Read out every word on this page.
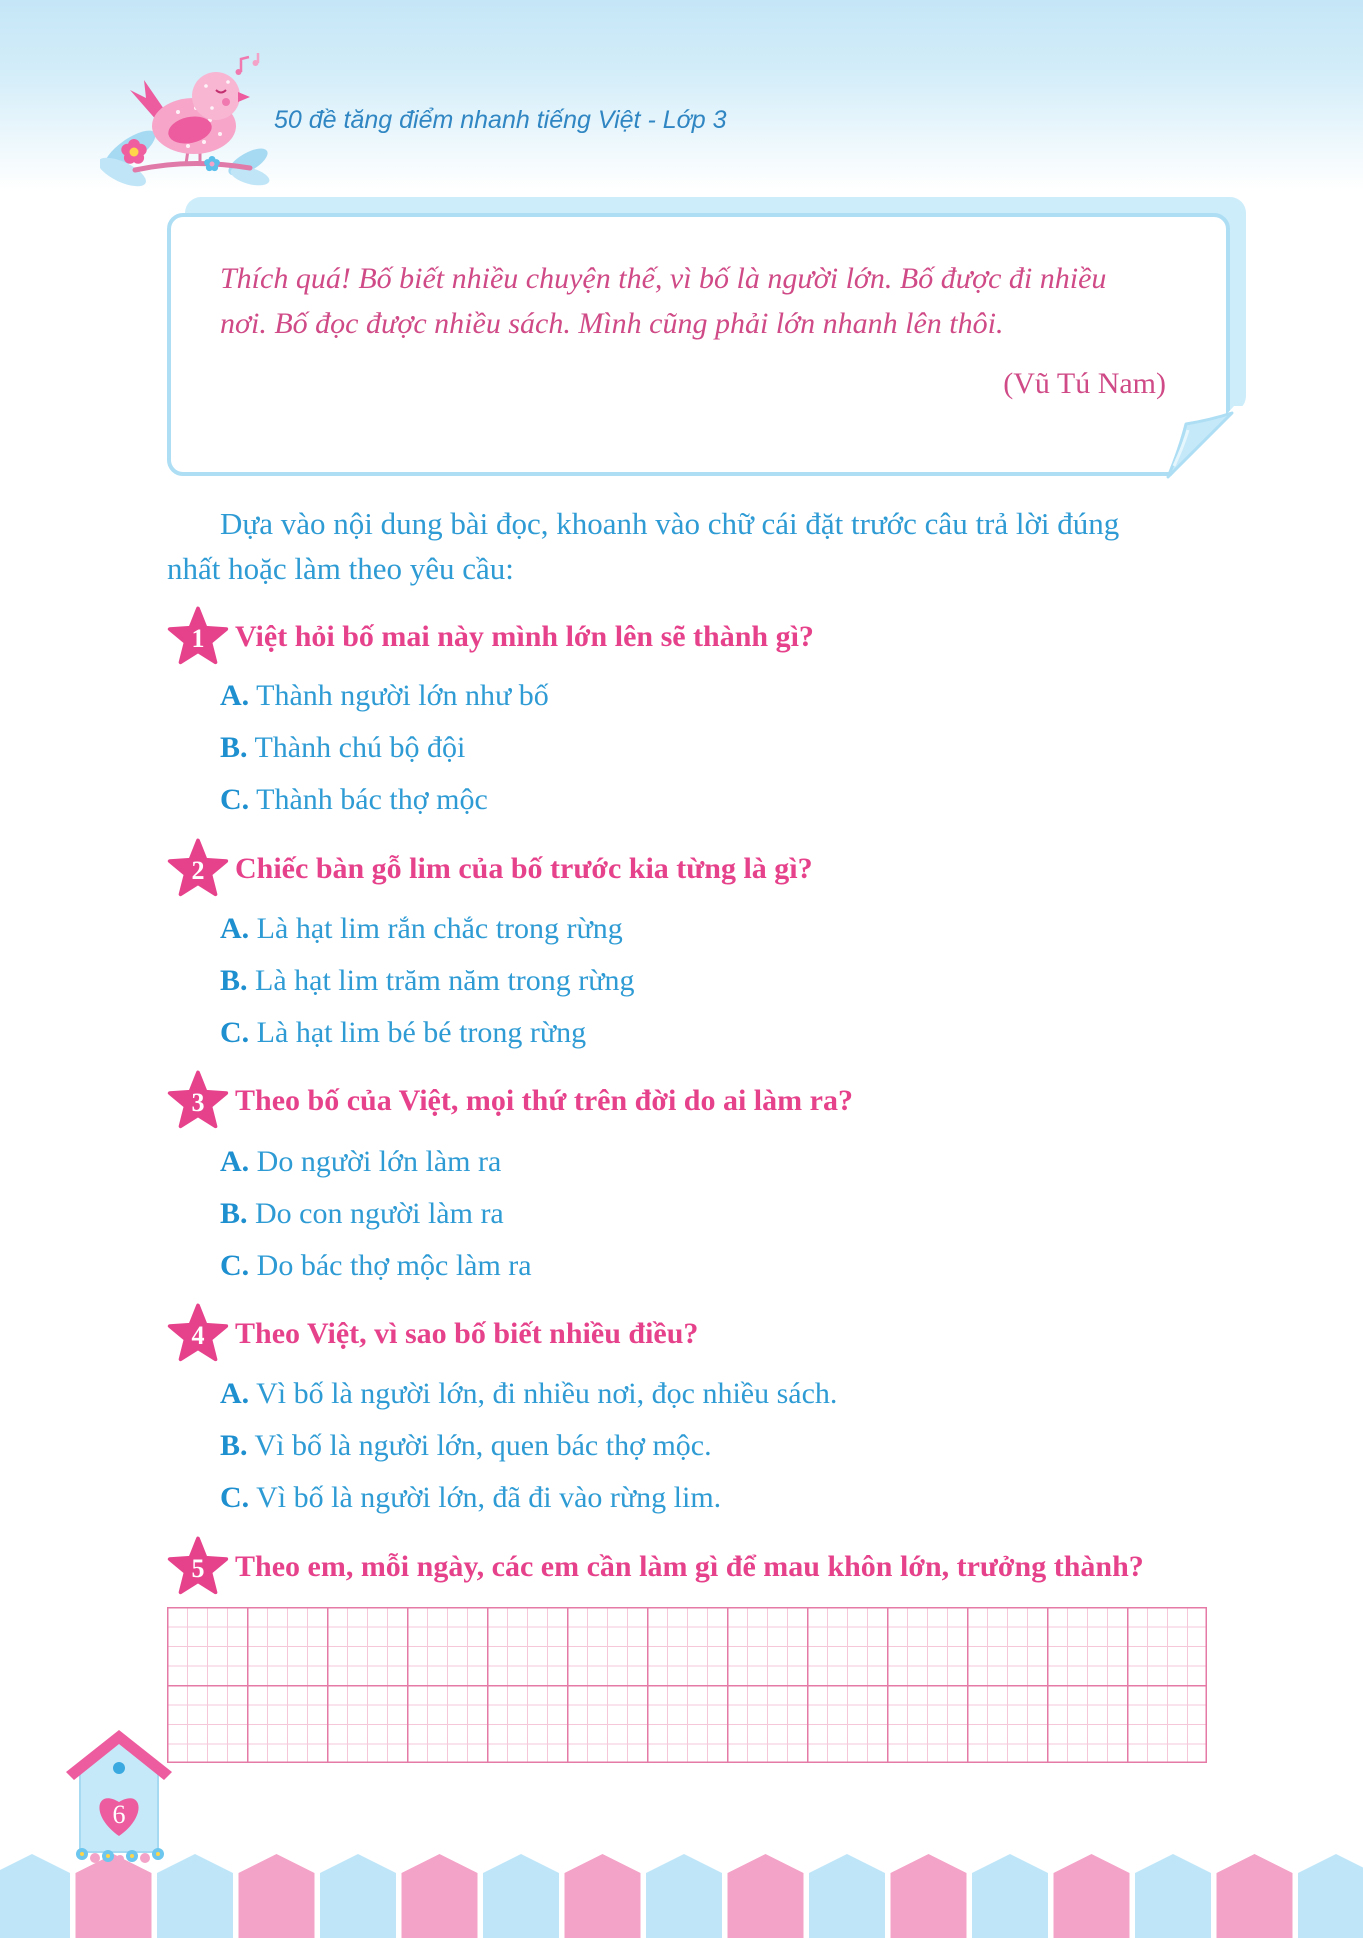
50 đề tăng điểm nhanh tiếng Việt - Lớp 3
Thích quá! Bố biết nhiều chuyện thế, vì bố là người lớn. Bố được đi nhiều
nơi. Bố đọc được nhiều sách. Mình cũng phải lớn nhanh lên thôi.
(Vũ Tú Nam)
Dựa vào nội dung bài đọc, khoanh vào chữ cái đặt trước câu trả lời đúng
nhất hoặc làm theo yêu cầu:
1 Việt hỏi bố mai này mình lớn lên sẽ thành gì?
A. Thành người lớn như bố
B. Thành chú bộ đội
C. Thành bác thợ mộc
2 Chiếc bàn gỗ lim của bố trước kia từng là gì?
A. Là hạt lim rắn chắc trong rừng
B. Là hạt lim trăm năm trong rừng
C. Là hạt lim bé bé trong rừng
3 Theo bố của Việt, mọi thứ trên đời do ai làm ra?
A. Do người lớn làm ra
B. Do con người làm ra
C. Do bác thợ mộc làm ra
4 Theo Việt, vì sao bố biết nhiều điều?
A. Vì bố là người lớn, đi nhiều nơi, đọc nhiều sách.
B. Vì bố là người lớn, quen bác thợ mộc.
C. Vì bố là người lớn, đã đi vào rừng lim.
5 Theo em, mỗi ngày, các em cần làm gì để mau khôn lớn, trưởng thành?
6
